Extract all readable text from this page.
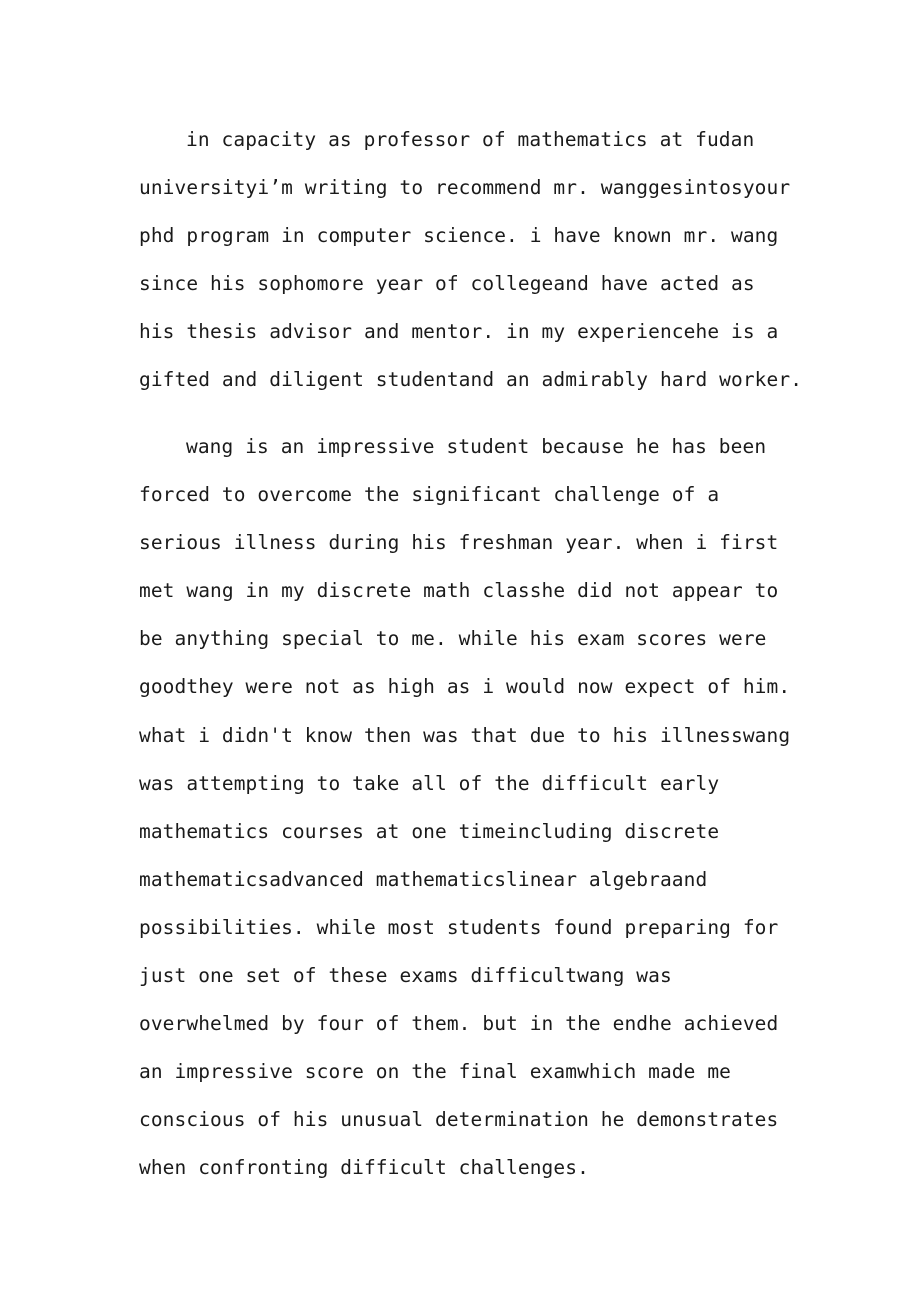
in capacity as professor of mathematics at fudan
universityi’m writing to recommend mr. wanggesintosyour
phd program in computer science. i have known mr. wang
since his sophomore year of collegeand have acted as
his thesis advisor and mentor. in my experiencehe is a
gifted and diligent studentand an admirably hard worker.

wang is an impressive student because he has been
forced to overcome the significant challenge of a
serious illness during his freshman year. when i first
met wang in my discrete math classhe did not appear to
be anything special to me. while his exam scores were
goodthey were not as high as i would now expect of him.
what i didn't know then was that due to his illnesswang
was attempting to take all of the difficult early
mathematics courses at one timeincluding discrete
mathematicsadvanced mathematicslinear algebraand
possibilities. while most students found preparing for
just one set of these exams difficultwang was
overwhelmed by four of them. but in the endhe achieved
an impressive score on the final examwhich made me
conscious of his unusual determination he demonstrates
when confronting difficult challenges.
